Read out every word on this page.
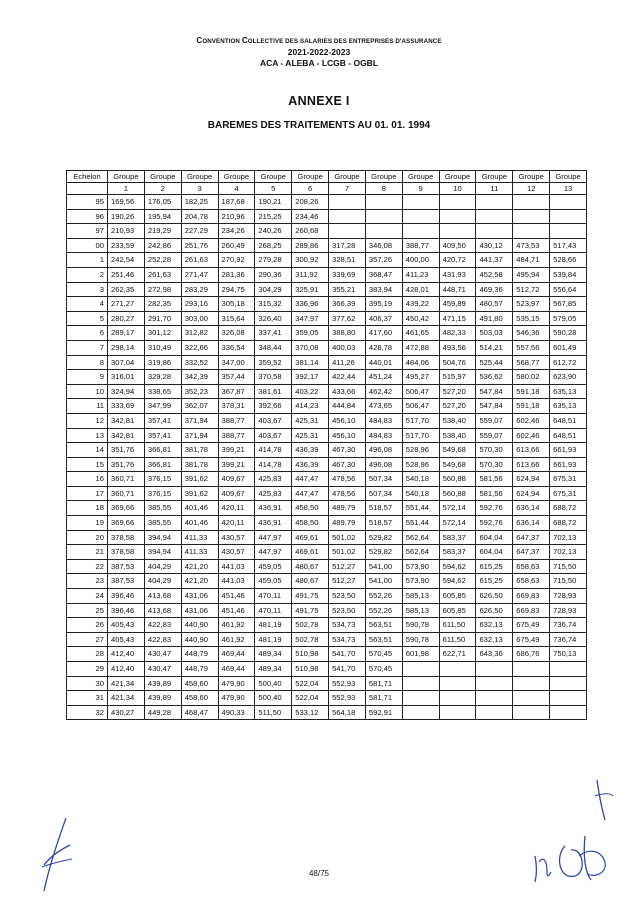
CONVENTION COLLECTIVE DES SALARIES DES ENTREPRISES D'ASSURANCE
2021-2022-2023
ACA - ALEBA - LCGB - OGBL
ANNEXE I
BAREMES DES TRAITEMENTS AU 01. 01. 1994
Echelon	Groupe	Groupe	Groupe	Groupe	Groupe	Groupe	Groupe	Groupe	Groupe	Groupe	Groupe	Groupe	Groupe
	1	2	3	4	5	6	7	8	9	10	11	12	13
95	169,56	176,05	182,25	187,68	190,21	208,26							
96	190,26	195,94	204,78	210,96	215,25	234,46							
97	210,93	219,29	227,29	234,26	240,26	260,68							
00	233,59	242,86	251,76	260,49	268,25	289,86	317,28	346,08	388,77	409,50	430,12	473,53	517,43
1	242,54	252,28	261,63	270,92	279,28	300,92	328,51	357,26	400,00	420,72	441,37	484,71	528,66
2	251,46	261,63	271,47	281,36	290,36	311,92	339,69	368,47	411,23	431,93	452,58	495,94	539,84
3	262,35	272,98	283,29	294,75	304,29	325,91	355,21	383,94	428,01	448,71	469,36	512,72	556,64
4	271,27	282,35	293,16	305,18	315,32	336,96	366,39	395,19	439,22	459,89	480,57	523,97	567,85
5	280,27	291,70	303,00	315,64	326,40	347,97	377,62	406,37	450,42	471,15	491,80	535,15	579,05
6	289,17	301,12	312,82	326,08	337,41	359,05	388,80	417,60	461,65	482,33	503,03	546,36	590,28
7	298,14	310,49	322,66	336,54	348,44	370,08	400,03	428,78	472,88	493,56	514,21	557,56	601,49
8	307,04	319,86	332,52	347,00	359,52	381,14	411,26	440,01	484,06	504,76	525,44	568,77	612,72
9	316,01	329,28	342,39	357,44	370,58	392,17	422,44	451,24	495,27	515,97	536,62	580,02	623,90
10	324,94	338,65	352,23	367,87	381,61	403,22	433,66	462,42	506,47	527,20	547,84	591,18	635,13
11	333,69	347,99	362,07	378,31	392,66	414,23	444,84	473,65	506,47	527,20	547,84	591,18	635,13
12	342,81	357,41	371,94	388,77	403,67	425,31	456,10	484,83	517,70	538,40	559,07	602,46	648,51
13	342,81	357,41	371,94	388,77	403,67	425,31	456,10	484,83	517,70	538,40	559,07	602,46	648,51
14	351,76	366,81	381,78	399,21	414,78	436,39	467,30	496,08	528,96	549,68	570,30	613,66	661,93
15	351,76	366,81	381,78	399,21	414,78	436,39	467,30	496,08	528,96	549,68	570,30	613,66	661,93
16	360,71	376,15	391,62	409,67	425,83	447,47	478,56	507,34	540,18	560,88	581,56	624,94	675,31
17	360,71	376,15	391,62	409,67	425,83	447,47	478,56	507,34	540,18	560,88	581,56	624,94	675,31
18	369,66	385,55	401,46	420,11	436,91	458,50	489,79	518,57	551,44	572,14	592,76	636,14	688,72
19	369,66	385,55	401,46	420,11	436,91	458,50	489,79	518,57	551,44	572,14	592,76	636,14	688,72
20	378,58	394,94	411,33	430,57	447,97	469,61	501,02	529,82	562,64	583,37	604,04	647,37	702,13
21	378,58	394,94	411,33	430,57	447,97	469,61	501,02	529,82	562,64	583,37	604,04	647,37	702,13
22	387,53	404,29	421,20	441,03	459,05	480,67	512,27	541,00	573,90	594,62	615,25	658,63	715,50
23	387,53	404,29	421,20	441,03	459,05	480,67	512,27	541,00	573,90	594,62	615,25	658,63	715,50
24	396,46	413,68	431,06	451,46	470,11	491,75	523,50	552,26	585,13	605,85	626,50	669,83	728,93
25	396,46	413,68	431,06	451,46	470,11	491,75	523,50	552,26	585,13	605,85	626,50	669,83	728,93
26	405,43	422,83	440,90	461,92	481,19	502,78	534,73	563,51	590,78	611,50	632,13	675,49	736,74
27	405,43	422,83	440,90	461,92	481,19	502,78	534,73	563,51	590,78	611,50	632,13	675,49	736,74
28	412,40	430,47	448,79	469,44	489,34	510,98	541,70	570,45	601,98	622,71	643,36	686,76	750,13
29	412,40	430,47	448,79	469,44	489,34	510,98	541,70	570,45					
30	421,34	439,89	458,60	479,90	500,40	522,04	552,93	581,71					
31	421,34	439,89	458,60	479,90	500,40	522,04	552,93	581,71					
32	430,27	449,28	468,47	490,33	511,50	533,12	564,18	592,91					
48/75
